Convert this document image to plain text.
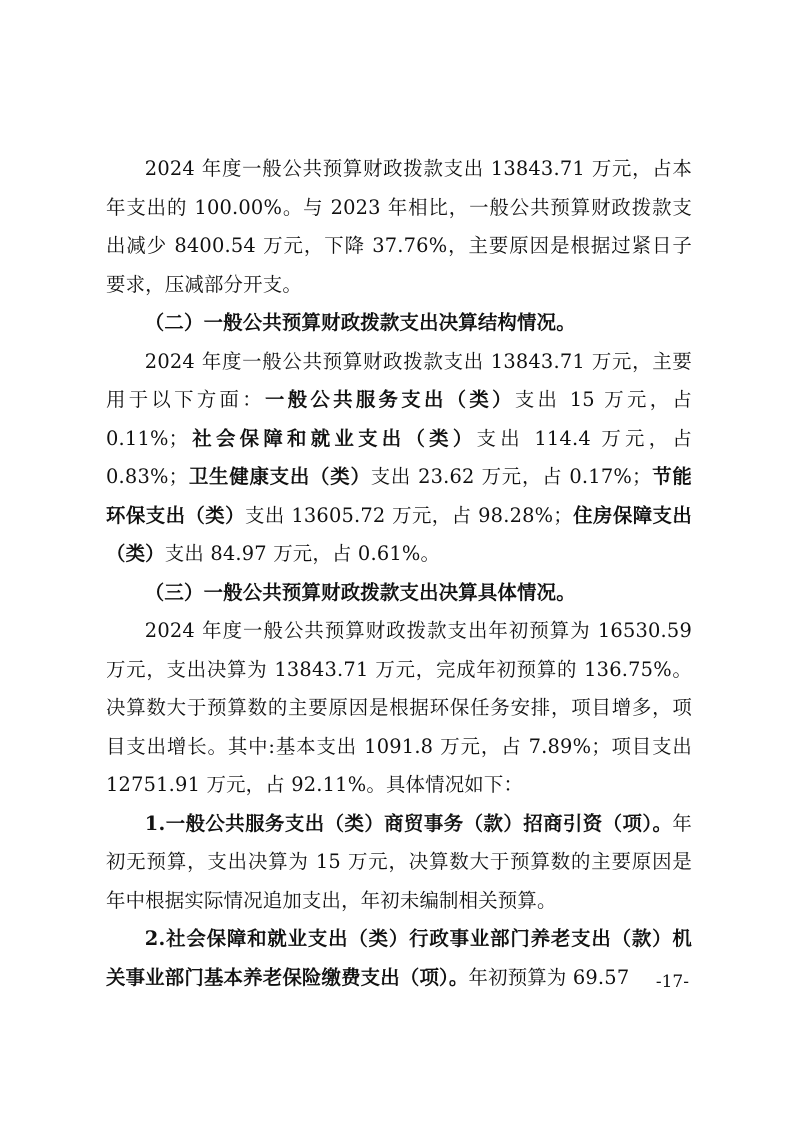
2024 年度一般公共预算财政拨款支出 13843.71 万元，占本年支出的 100.00%。与 2023 年相比，一般公共预算财政拨款支出减少 8400.54 万元，下降 37.76%，主要原因是根据过紧日子要求，压减部分开支。

（二）一般公共预算财政拨款支出决算结构情况。

2024 年度一般公共预算财政拨款支出 13843.71 万元，主要用于以下方面：一般公共服务支出（类）支出 15 万元，占 0.11%；社会保障和就业支出（类）支出 114.4 万元，占 0.83%；卫生健康支出（类）支出 23.62 万元，占 0.17%；节能环保支出（类）支出 13605.72 万元，占 98.28%；住房保障支出（类）支出 84.97 万元，占 0.61%。

（三）一般公共预算财政拨款支出决算具体情况。

2024 年度一般公共预算财政拨款支出年初预算为 16530.59 万元，支出决算为 13843.71 万元，完成年初预算的 136.75%。决算数大于预算数的主要原因是根据环保任务安排，项目增多，项目支出增长。其中:基本支出 1091.8 万元，占 7.89%；项目支出 12751.91 万元，占 92.11%。具体情况如下：

1.一般公共服务支出（类）商贸事务（款）招商引资（项）。年初无预算，支出决算为 15 万元，决算数大于预算数的主要原因是年中根据实际情况追加支出，年初未编制相关预算。

2.社会保障和就业支出（类）行政事业部门养老支出（款）机关事业部门基本养老保险缴费支出（项）。年初预算为 69.57	-17-
